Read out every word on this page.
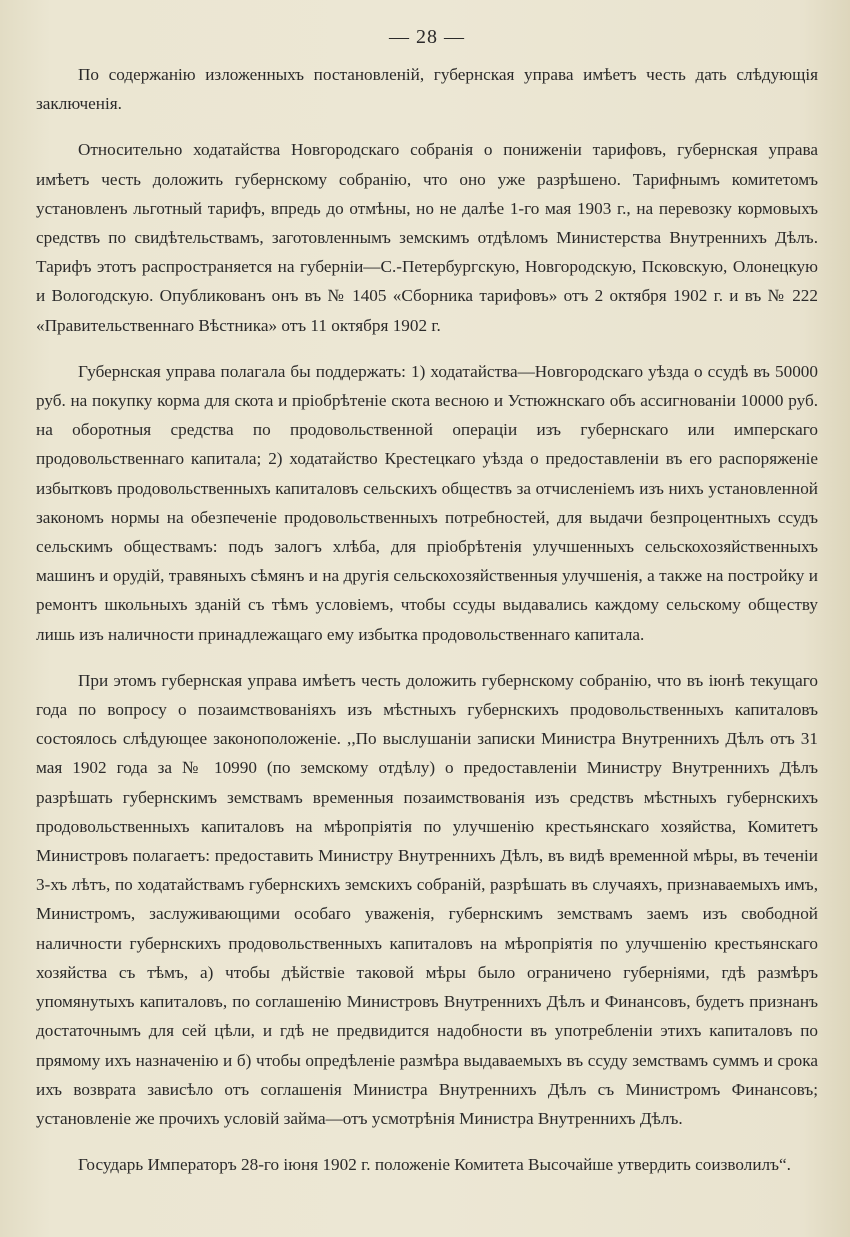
— 28 —

По содержанію изложенныхъ постановленій, губернская управа имѣетъ честь дать слѣдующія заключенія.

Относительно ходатайства Новгородскаго собранія о пониженіи тарифовъ, губернская управа имѣетъ честь доложить губернскому собранію, что оно уже разрѣшено. Тарифнымъ комитетомъ установленъ льготный тарифъ, впредь до отмѣны, но не далѣе 1-го мая 1903 г., на перевозку кормовыхъ средствъ по свидѣтельствамъ, заготовленнымъ земскимъ отдѣломъ Министерства Внутреннихъ Дѣлъ. Тарифъ этотъ распространяется на губерніи—С.-Петербургскую, Новгородскую, Псковскую, Олонецкую и Вологодскую. Опубликованъ онъ въ № 1405 «Сборника тарифовъ» отъ 2 октября 1902 г. и въ № 222 «Правительственнаго Вѣстника» отъ 11 октября 1902 г.

Губернская управа полагала бы поддержать: 1) ходатайства—Новгородскаго уѣзда о ссудѣ въ 50000 руб. на покупку корма для скота и пріобрѣтеніе скота весною и Устюжнскаго объ ассигнованіи 10000 руб. на оборотныя средства по продовольственной операціи изъ губернскаго или имперскаго продовольственнаго капитала; 2) ходатайство Крестецкаго уѣзда о предоставленіи въ его распоряженіе избытковъ продовольственныхъ капиталовъ сельскихъ обществъ за отчисленіемъ изъ нихъ установленной закономъ нормы на обезпеченіе продовольственныхъ потребностей, для выдачи безпроцентныхъ ссудъ сельскимъ обществамъ: подъ залогъ хлѣба, для пріобрѣтенія улучшенныхъ сельскохозяйственныхъ машинъ и орудій, травяныхъ сѣмянъ и на другія сельскохозяйственныя улучшенія, а также на постройку и ремонтъ школьныхъ зданій съ тѣмъ условіемъ, чтобы ссуды выдавались каждому сельскому обществу лишь изъ наличности принадлежащаго ему избытка продовольственнаго капитала.

При этомъ губернская управа имѣетъ честь доложить губернскому собранію, что въ іюнѣ текущаго года по вопросу о позаимствованіяхъ изъ мѣстныхъ губернскихъ продовольственныхъ капиталовъ состоялось слѣдующее законоположеніе. ,,По выслушаніи записки Министра Внутреннихъ Дѣлъ отъ 31 мая 1902 года за № 10990 (по земскому отдѣлу) о предоставленіи Министру Внутреннихъ Дѣлъ разрѣшать губернскимъ земствамъ временныя позаимствованія изъ средствъ мѣстныхъ губернскихъ продовольственныхъ капиталовъ на мѣропріятія по улучшенію крестьянскаго хозяйства, Комитетъ Министровъ полагаетъ: предоставить Министру Внутреннихъ Дѣлъ, въ видѣ временной мѣры, въ теченіи 3-хъ лѣтъ, по ходатайствамъ губернскихъ земскихъ собраній, разрѣшать въ случаяхъ, признаваемыхъ имъ, Министромъ, заслуживающими особаго уваженія, губернскимъ земствамъ заемъ изъ свободной наличности губернскихъ продовольственныхъ капиталовъ на мѣропріятія по улучшенію крестьянскаго хозяйства съ тѣмъ, а) чтобы дѣйствіе таковой мѣры было ограничено губерніями, гдѣ размѣръ упомянутыхъ капиталовъ, по соглашенію Министровъ Внутреннихъ Дѣлъ и Финансовъ, будетъ признанъ достаточнымъ для сей цѣли, и гдѣ не предвидится надобности въ употребленіи этихъ капиталовъ по прямому ихъ назначенію и б) чтобы опредѣленіе размѣра выдаваемыхъ въ ссуду земствамъ суммъ и срока ихъ возврата зависѣло отъ соглашенія Министра Внутреннихъ Дѣлъ съ Министромъ Финансовъ; установленіе же прочихъ условій займа—отъ усмотрѣнія Министра Внутреннихъ Дѣлъ.

Государь Императоръ 28-го іюня 1902 г. положеніе Комитета Высочайше утвердить соизволилъ“.
